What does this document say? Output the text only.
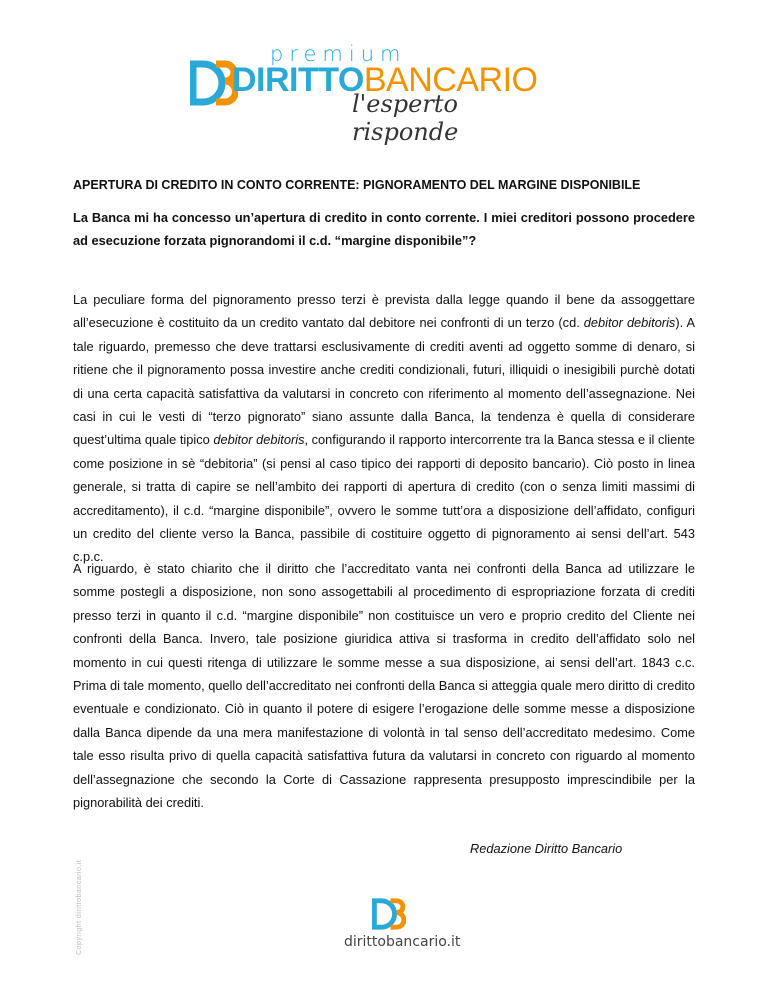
premium
DIRITTOBANCARIO
l'esperto risponde
APERTURA DI CREDITO IN CONTO CORRENTE: PIGNORAMENTO DEL MARGINE DISPONIBILE

La Banca mi ha concesso un’apertura di credito in conto corrente. I miei creditori possono procedere ad esecuzione forzata pignorandomi il c.d. “margine disponibile”?

La peculiare forma del pignoramento presso terzi è prevista dalla legge quando il bene da assoggettare all’esecuzione è costituito da un credito vantato dal debitore nei confronti di un terzo (cd. debitor debitoris). A tale riguardo, premesso che deve trattarsi esclusivamente di crediti aventi ad oggetto somme di denaro, si ritiene che il pignoramento possa investire anche crediti condizionali, futuri, illiquidi o inesigibili purchè dotati di una certa capacità satisfattiva da valutarsi in concreto con riferimento al momento dell’assegnazione. Nei casi in cui le vesti di “terzo pignorato” siano assunte dalla Banca, la tendenza è quella di considerare quest’ultima quale tipico debitor debitoris, configurando il rapporto intercorrente tra la Banca stessa e il cliente come posizione in sè “debitoria” (si pensi al caso tipico dei rapporti di deposito bancario). Ciò posto in linea generale, si tratta di capire se nell’ambito dei rapporti di apertura di credito (con o senza limiti massimi di accreditamento), il c.d. “margine disponibile”, ovvero le somme tutt’ora a disposizione dell’affidato, configuri un credito del cliente verso la Banca, passibile di costituire oggetto di pignoramento ai sensi dell’art. 543 c.p.c.

A riguardo, è stato chiarito che il diritto che l’accreditato vanta nei confronti della Banca ad utilizzare le somme postegli a disposizione, non sono assogettabili al procedimento di espropriazione forzata di crediti presso terzi in quanto il c.d. “margine disponibile” non costituisce un vero e proprio credito del Cliente nei confronti della Banca. Invero, tale posizione giuridica attiva si trasforma in credito dell’affidato solo nel momento in cui questi ritenga di utilizzare le somme messe a sua disposizione, ai sensi dell’art. 1843 c.c. Prima di tale momento, quello dell’accreditato nei confronti della Banca si atteggia quale mero diritto di credito eventuale e condizionato. Ciò in quanto il potere di esigere l’erogazione delle somme messe a disposizione dalla Banca dipende da una mera manifestazione di volontà in tal senso dell’accreditato medesimo. Come tale esso risulta privo di quella capacità satisfattiva futura da valutarsi in concreto con riguardo al momento dell’assegnazione che secondo la Corte di Cassazione rappresenta presupposto imprescindibile per la pignorabilità dei crediti.

Redazione Diritto Bancario

Copyright dirittobancario.it	dirittobancario.it
